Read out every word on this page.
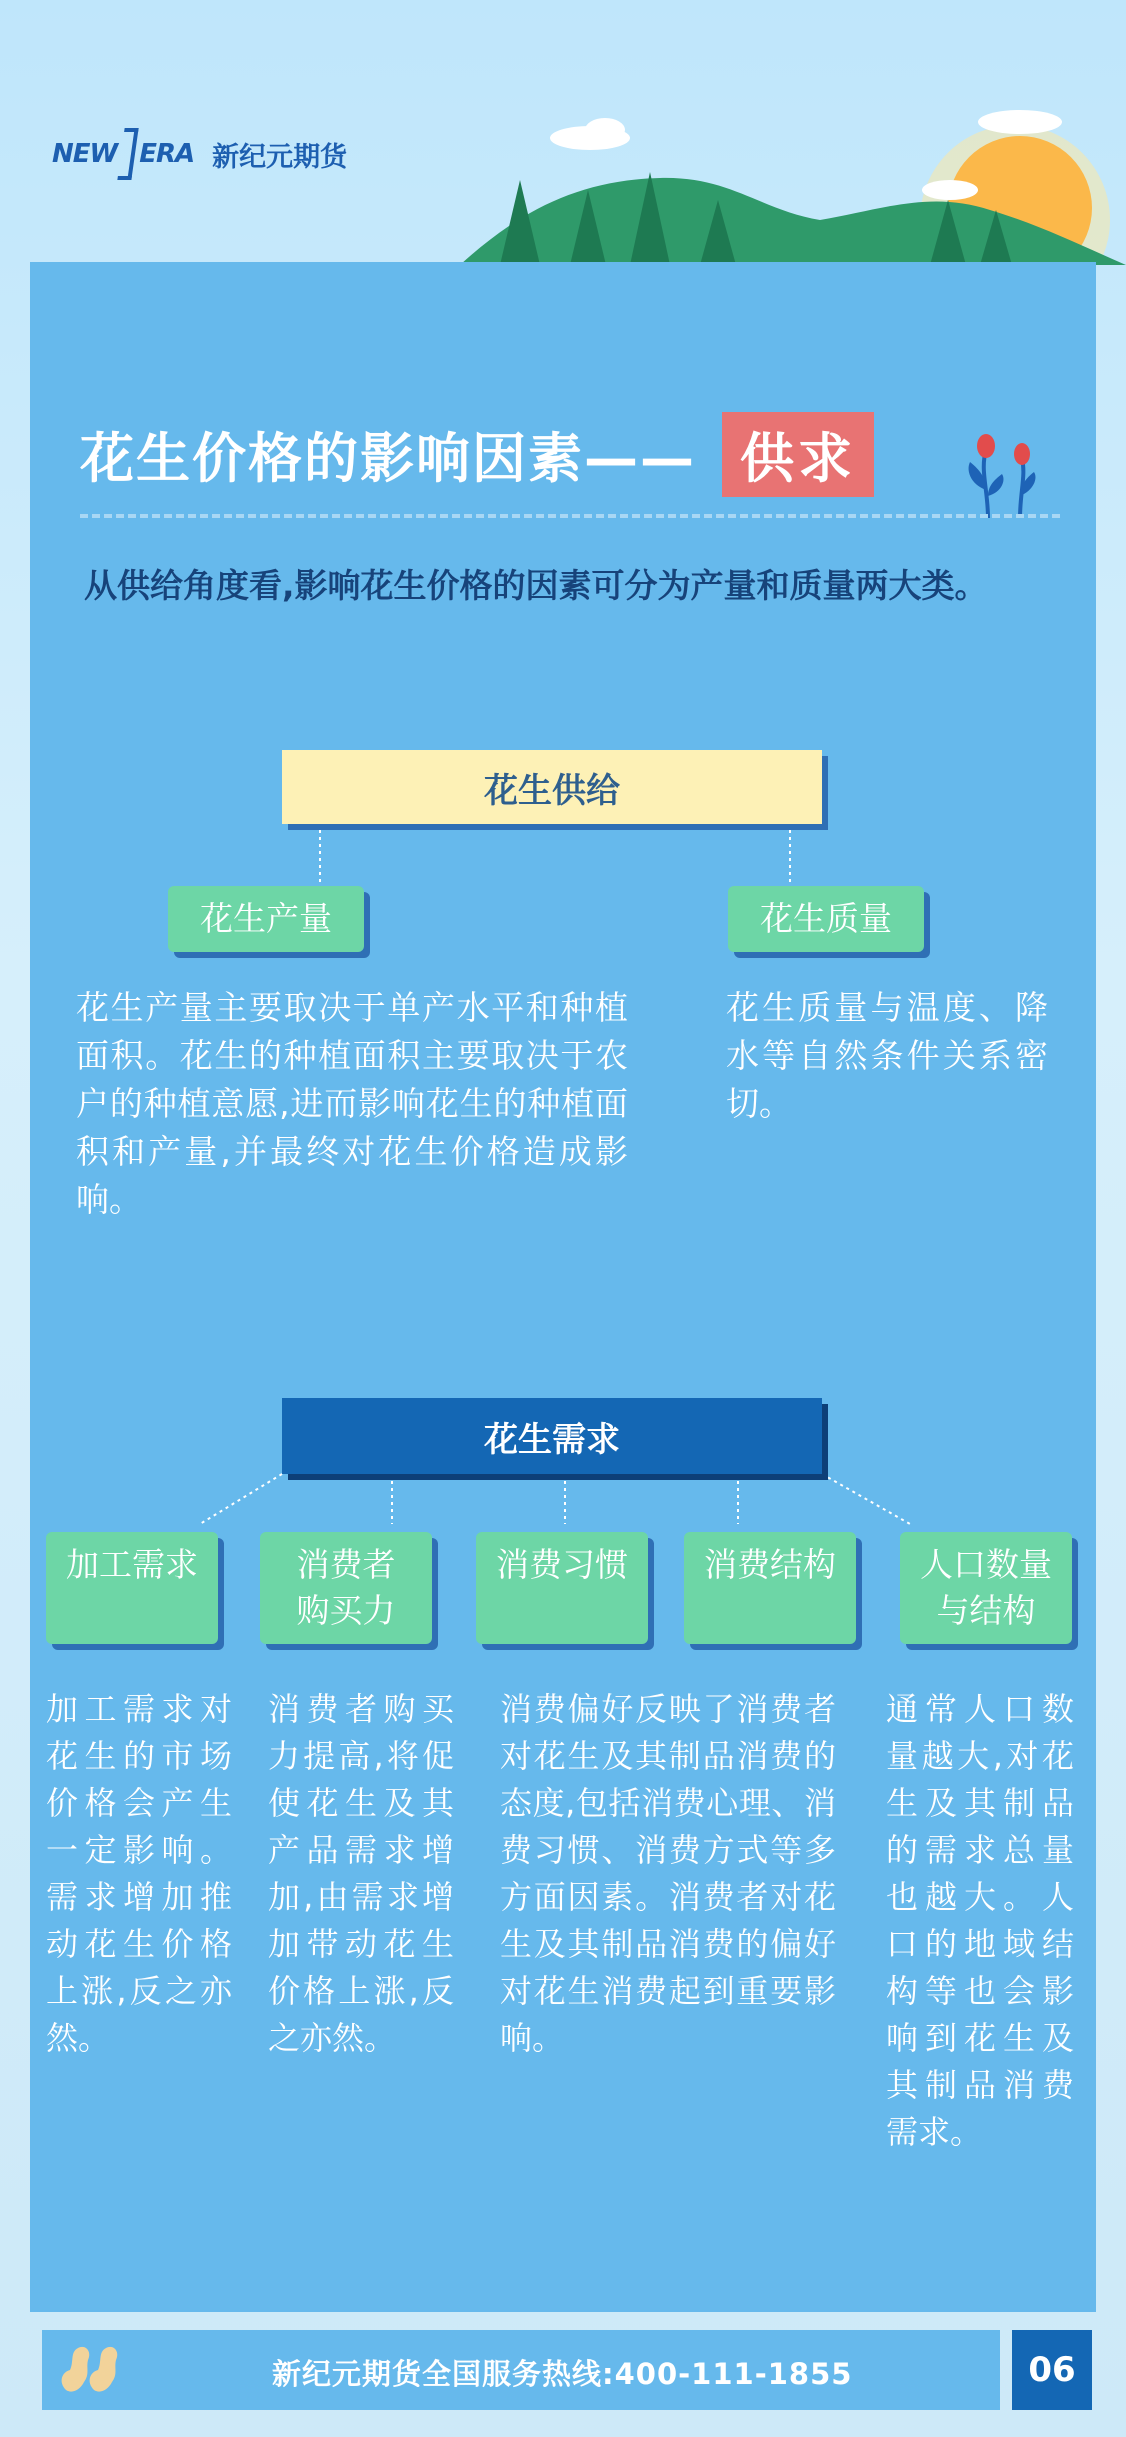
NEW ERA 新纪元期货
花生价格的影响因素—— 供求
从供给角度看,影响花生价格的因素可分为产量和质量两大类。
花生供给
花生产量	花生质量
花生产量主要取决于单产水平和种植面积。花生的种植面积主要取决于农户的种植意愿,进而影响花生的种植面积和产量,并最终对花生价格造成影响。
花生质量与温度、降水等自然条件关系密切。
花生需求
加工需求	消费者
购买力
消费习惯 消费结构	人口数量
与结构
加工需求对花生的市场价格会产生一定影响。需求增加推动花生价格上涨,反之亦然。
消费者购买力提高,将促使花生及其产品需求增加,由需求增加带动花生价格上涨,反之亦然。
消费偏好反映了消费者对花生及其制品消费的态度,包括消费心理、消费习惯、消费方式等多方面因素。消费者对花生及其制品消费的偏好对花生消费起到重要影响。
通常人口数量越大,对花生及其制品的需求总量也越大。人口的地域结构等也会影响到花生及其制品消费需求。
新纪元期货全国服务热线:400-111-1855	06
